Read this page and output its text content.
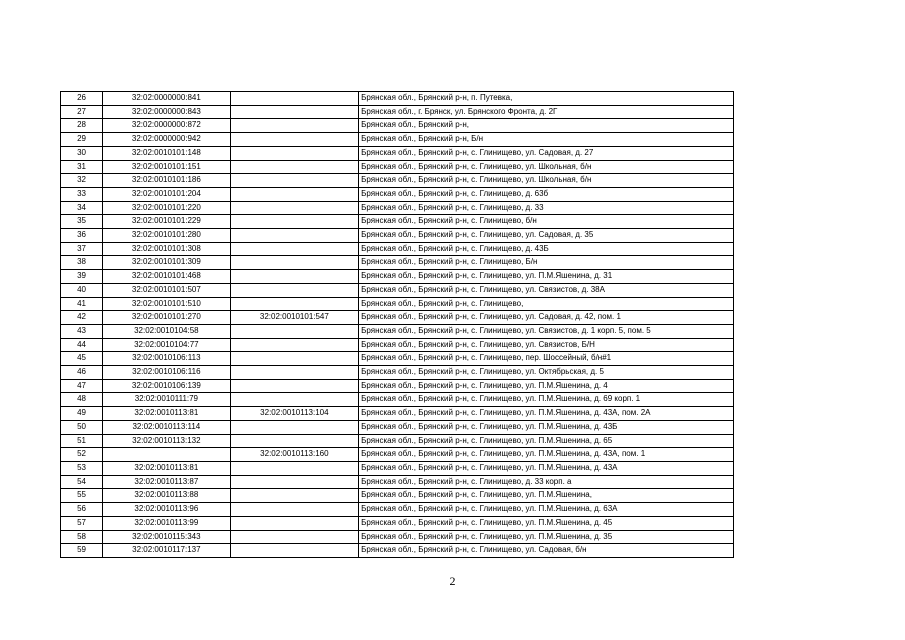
26	32:02:0000000:841		Брянская обл., Брянский р-н, п. Путевка,
27	32:02:0000000:843		Брянская обл., г. Брянск, ул. Брянского Фронта, д. 2Г
28	32:02:0000000:872		Брянская обл., Брянский р-н,
29	32:02:0000000:942		Брянская обл., Брянский р-н, Б/н
30	32:02:0010101:148		Брянская обл., Брянский р-н, с. Глинищево, ул. Садовая, д. 27
31	32:02:0010101:151		Брянская обл., Брянский р-н, с. Глинищево, ул. Школьная, б/н
32	32:02:0010101:186		Брянская обл., Брянский р-н, с. Глинищево, ул. Школьная, б/н
33	32:02:0010101:204		Брянская обл., Брянский р-н, с. Глинищево, д. 63б
34	32:02:0010101:220		Брянская обл., Брянский р-н, с. Глинищево, д. 33
35	32:02:0010101:229		Брянская обл., Брянский р-н, с. Глинищево, б/н
36	32:02:0010101:280		Брянская обл., Брянский р-н, с. Глинищево, ул. Садовая, д. 35
37	32:02:0010101:308		Брянская обл., Брянский р-н, с. Глинищево, д. 43Б
38	32:02:0010101:309		Брянская обл., Брянский р-н, с. Глинищево, Б/н
39	32:02:0010101:468		Брянская обл., Брянский р-н, с. Глинищево, ул. П.М.Яшенина, д. 31
40	32:02:0010101:507		Брянская обл., Брянский р-н, с. Глинищево, ул. Связистов, д. 38А
41	32:02:0010101:510		Брянская обл., Брянский р-н, с. Глинищево,
42	32:02:0010101:270	32:02:0010101:547	Брянская обл., Брянский р-н, с. Глинищево, ул. Садовая, д. 42, пом. 1
43	32:02:0010104:58		Брянская обл., Брянский р-н, с. Глинищево, ул. Связистов, д. 1 корп. 5, пом. 5
44	32:02:0010104:77		Брянская обл., Брянский р-н, с. Глинищево, ул. Связистов, Б/Н
45	32:02:0010106:113		Брянская обл., Брянский р-н, с. Глинищево, пер. Шоссейный, б/н#1
46	32:02:0010106:116		Брянская обл., Брянский р-н, с. Глинищево, ул. Октябрьская, д. 5
47	32:02:0010106:139		Брянская обл., Брянский р-н, с. Глинищево, ул. П.М.Яшенина, д. 4
48	32:02:0010111:79		Брянская обл., Брянский р-н, с. Глинищево, ул. П.М.Яшенина, д. 69 корп. 1
49	32:02:0010113:81	32:02:0010113:104	Брянская обл., Брянский р-н, с. Глинищево, ул. П.М.Яшенина, д. 43А, пом. 2А
50	32:02:0010113:114		Брянская обл., Брянский р-н, с. Глинищево, ул. П.М.Яшенина, д. 43Б
51	32:02:0010113:132		Брянская обл., Брянский р-н, с. Глинищево, ул. П.М.Яшенина, д. 65
52		32:02:0010113:160	Брянская обл., Брянский р-н, с. Глинищево, ул. П.М.Яшенина, д. 43А, пом. 1
53	32:02:0010113:81		Брянская обл., Брянский р-н, с. Глинищево, ул. П.М.Яшенина, д. 43А
54	32:02:0010113:87		Брянская обл., Брянский р-н, с. Глинищево, д. 33 корп. а
55	32:02:0010113:88		Брянская обл., Брянский р-н, с. Глинищево, ул. П.М.Яшенина,
56	32:02:0010113:96		Брянская обл., Брянский р-н, с. Глинищево, ул. П.М.Яшенина, д. 63А
57	32:02:0010113:99		Брянская обл., Брянский р-н, с. Глинищево, ул. П.М.Яшенина, д. 45
58	32:02:0010115:343		Брянская обл., Брянский р-н, с. Глинищево, ул. П.М.Яшенина, д. 35
59	32:02:0010117:137		Брянская обл., Брянский р-н, с. Глинищево, ул. Садовая, б/н
2
